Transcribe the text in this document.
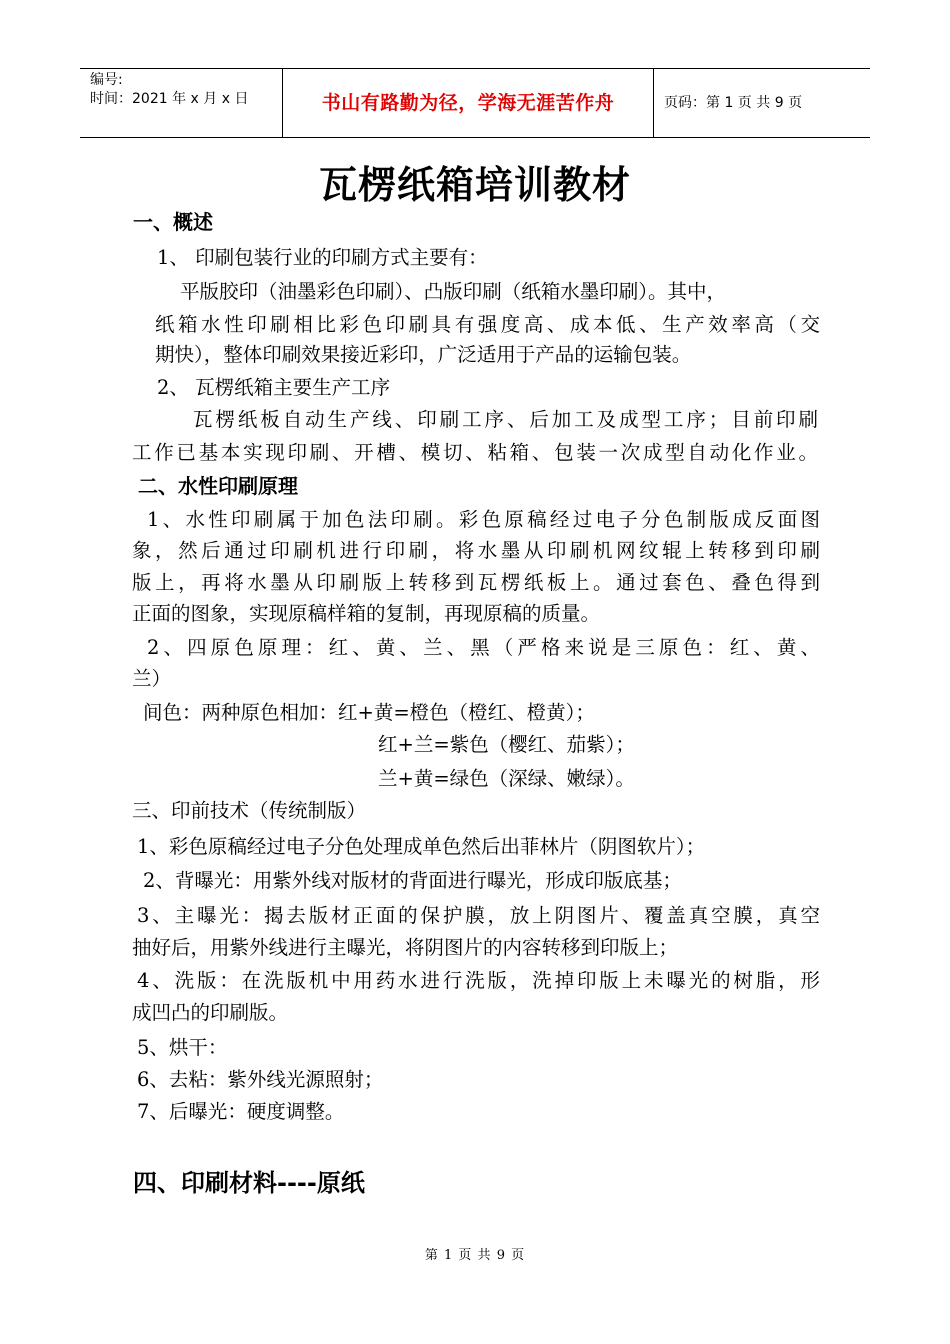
编号:
时间：2021 年 x 月 x 日	书山有路勤为径，学海无涯苦作舟	页码：第 1 页 共 9 页
瓦楞纸箱培训教材
一、概述
1、 印刷包装行业的印刷方式主要有：
平版胶印（油墨彩色印刷）、凸版印刷（纸箱水墨印刷）。其中，
纸箱水性印刷相比彩色印刷具有强度高、成本低、生产效率高（交
期快），整体印刷效果接近彩印，广泛适用于产品的运输包装。
2、 瓦楞纸箱主要生产工序
瓦楞纸板自动生产线、印刷工序、后加工及成型工序；目前印刷
工作已基本实现印刷、开槽、模切、粘箱、包装一次成型自动化作业。
二、水性印刷原理
1、水性印刷属于加色法印刷。彩色原稿经过电子分色制版成反面图
象，然后通过印刷机进行印刷，将水墨从印刷机网纹辊上转移到印刷
版上，再将水墨从印刷版上转移到瓦楞纸板上。通过套色、叠色得到
正面的图象，实现原稿样箱的复制，再现原稿的质量。
2、四原色原理：红、黄、兰、黑（严格来说是三原色：红、黄、
兰）
间色：两种原色相加：红+黄=橙色（橙红、橙黄）；
红+兰=紫色（樱红、茄紫）；
兰+黄=绿色（深绿、嫩绿）。
三、印前技术（传统制版）
1、彩色原稿经过电子分色处理成单色然后出菲林片（阴图软片）；
2、背曝光：用紫外线对版材的背面进行曝光，形成印版底基；
3、主曝光：揭去版材正面的保护膜，放上阴图片、覆盖真空膜，真空
抽好后，用紫外线进行主曝光，将阴图片的内容转移到印版上；
4、洗版：在洗版机中用药水进行洗版，洗掉印版上未曝光的树脂，形
成凹凸的印刷版。
5、烘干：
6、去粘：紫外线光源照射；
7、后曝光：硬度调整。
四、印刷材料----原纸
第 1 页 共 9 页
